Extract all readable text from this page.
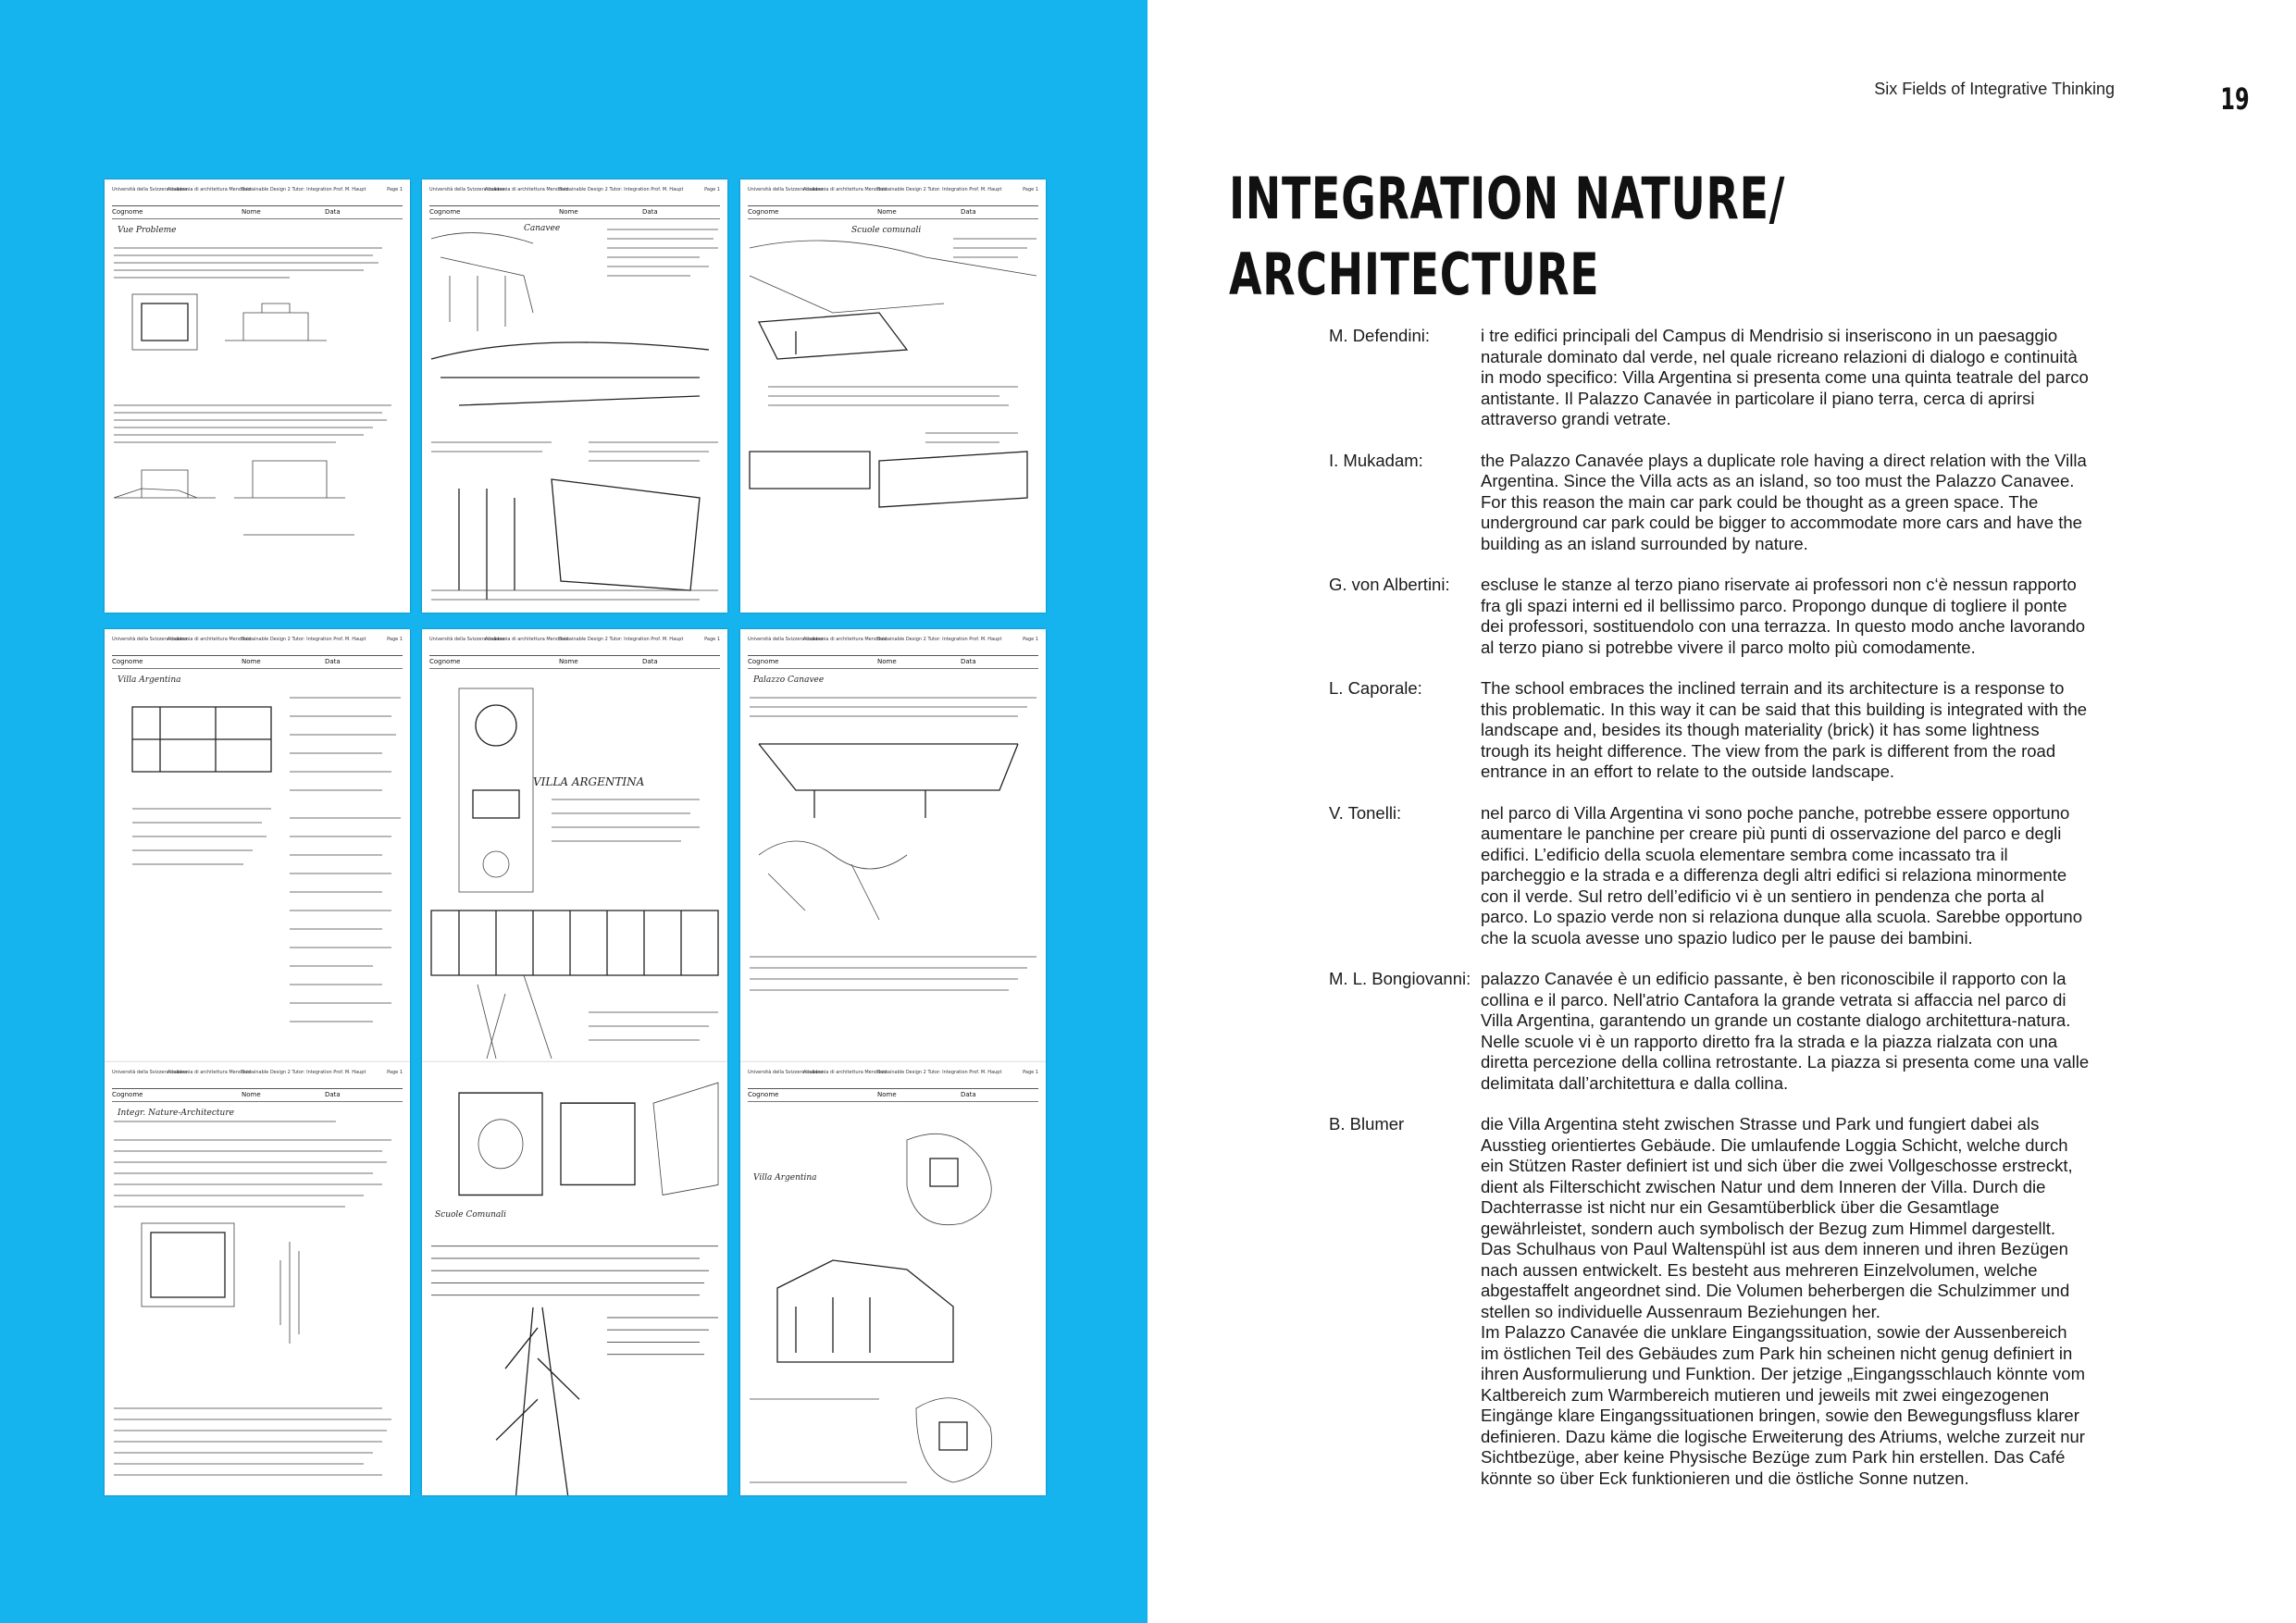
Università della Svizzera italiana
Accademia di architettura Mendrisio
Sustainable Design 2 Tutor: Integration Prof. M. Haupt	Page 1
Cognome	Nome	Data
Vue Probleme
Università della Svizzera italiana
Accademia di architettura Mendrisio
Sustainable Design 2 Tutor: Integration Prof. M. Haupt	Page 1
Cognome	Nome	Data
Canavee
Università della Svizzera italiana
Accademia di architettura Mendrisio
Sustainable Design 2 Tutor: Integration Prof. M. Haupt	Page 1
Cognome	Nome	Data
Scuole comunali
Università della Svizzera italiana
Accademia di architettura Mendrisio
Sustainable Design 2 Tutor: Integration Prof. M. Haupt	Page 1
Cognome	Nome	Data
Villa Argentina
Università della Svizzera italiana
Accademia di architettura Mendrisio
Sustainable Design 2 Tutor: Integration Prof. M. Haupt	Page 1
Cognome	Nome	Data
VILLA ARGENTINA
Università della Svizzera italiana
Accademia di architettura Mendrisio
Sustainable Design 2 Tutor: Integration Prof. M. Haupt	Page 1
Cognome	Nome	Data
Palazzo Canavee
Università della Svizzera italiana
Accademia di architettura Mendrisio
Sustainable Design 2 Tutor: Integration Prof. M. Haupt	Page 1
Cognome	Nome	Data
Integr. Nature-Architecture
Scuole Comunali
Università della Svizzera italiana
Accademia di architettura Mendrisio
Sustainable Design 2 Tutor: Integration Prof. M. Haupt	Page 1
Cognome	Nome	Data
Villa Argentina
Six Fields of Integrative Thinking	19
INTEGRATION NATURE/
ARCHITECTURE
M. Defendini:	i tre edifici principali del Campus di Mendrisio si inseriscono in un paesaggio naturale dominato dal verde, nel quale ricreano relazioni di dialogo e continuità in modo specifico: Villa Argentina si presenta come una quinta teatrale del parco antistante. Il Palazzo Canavée in particolare il piano terra, cerca di aprirsi attraverso grandi vetrate.

I. Mukadam:	the Palazzo Canavée plays a duplicate role having a direct relation with the Villa Argentina. Since the Villa acts as an island, so too must the Palazzo Canavee. For this reason the main car park could be thought as a green space. The underground car park could be bigger to accommodate more cars and have the building as an island surrounded by nature.

G. von Albertini:	escluse le stanze al terzo piano riservate ai professori non c‘è nessun rapporto fra gli spazi interni ed il bellissimo parco. Propongo dunque di togliere il ponte dei professori, sostituendolo con una terrazza. In questo modo anche lavorando al terzo piano si potrebbe vivere il parco molto più comodamente.

L. Caporale:	The school embraces the inclined terrain and its architecture is a response to this problematic. In this way it can be said that this building is integrated with the landscape and, besides its though materiality (brick) it has some lightness trough its height difference. The view from the park is different from the road entrance in an effort to relate to the outside landscape.

V. Tonelli:	nel parco di Villa Argentina vi sono poche panche, potrebbe essere opportuno aumentare le panchine per creare più punti di osservazione del parco e degli edifici. L’edificio della scuola elementare sembra come incassato tra il parcheggio e la strada e a differenza degli altri edifici si relaziona minormente con il verde. Sul retro dell’edificio vi è un sentiero in pendenza che porta al parco. Lo spazio verde non si relaziona dunque alla scuola. Sarebbe opportuno che la scuola avesse uno spazio ludico per le pause dei bambini.

M. L. Bongiovanni: palazzo Canavée è un edificio passante, è ben riconoscibile il rapporto con la collina e il parco. Nell'atrio Cantafora la grande vetrata si affaccia nel parco di Villa Argentina, garantendo un grande un costante dialogo architettura-natura. Nelle scuole vi è un rapporto diretto fra la strada e la piazza rialzata con una diretta percezione della collina retrostante. La piazza si presenta come una valle delimitata dall’architettura e dalla collina.

B. Blumer	die Villa Argentina steht zwischen Strasse und Park und fungiert dabei als Ausstieg orientiertes Gebäude. Die umlaufende Loggia Schicht, welche durch ein Stützen Raster definiert ist und sich über die zwei Vollgeschosse erstreckt, dient als Filterschicht zwischen Natur und dem Inneren der Villa. Durch die Dachterrasse ist nicht nur ein Gesamtüberblick über die Gesamtlage gewährleistet, sondern auch symbolisch der Bezug zum Himmel dargestellt. Das Schulhaus von Paul Waltenspühl ist aus dem inneren und ihren Bezügen nach aussen entwickelt. Es besteht aus mehreren Einzelvolumen, welche abgestaffelt angeordnet sind. Die Volumen beherbergen die Schulzimmer und stellen so individuelle Aussenraum Beziehungen her.

Im Palazzo Canavée die unklare Eingangssituation, sowie der Aussenbereich im östlichen Teil des Gebäudes zum Park hin scheinen nicht genug definiert in ihren Ausformulierung und Funktion. Der jetzige „Eingangsschlauch könnte vom Kaltbereich zum Warmbereich mutieren und jeweils mit zwei eingezogenen Eingänge klare Eingangssituationen bringen, sowie den Bewegungsfluss klarer definieren. Dazu käme die logische Erweiterung des Atriums, welche zurzeit nur Sichtbezüge, aber keine Physische Bezüge zum Park hin erstellen. Das Café könnte so über Eck funktionieren und die östliche Sonne nutzen.
